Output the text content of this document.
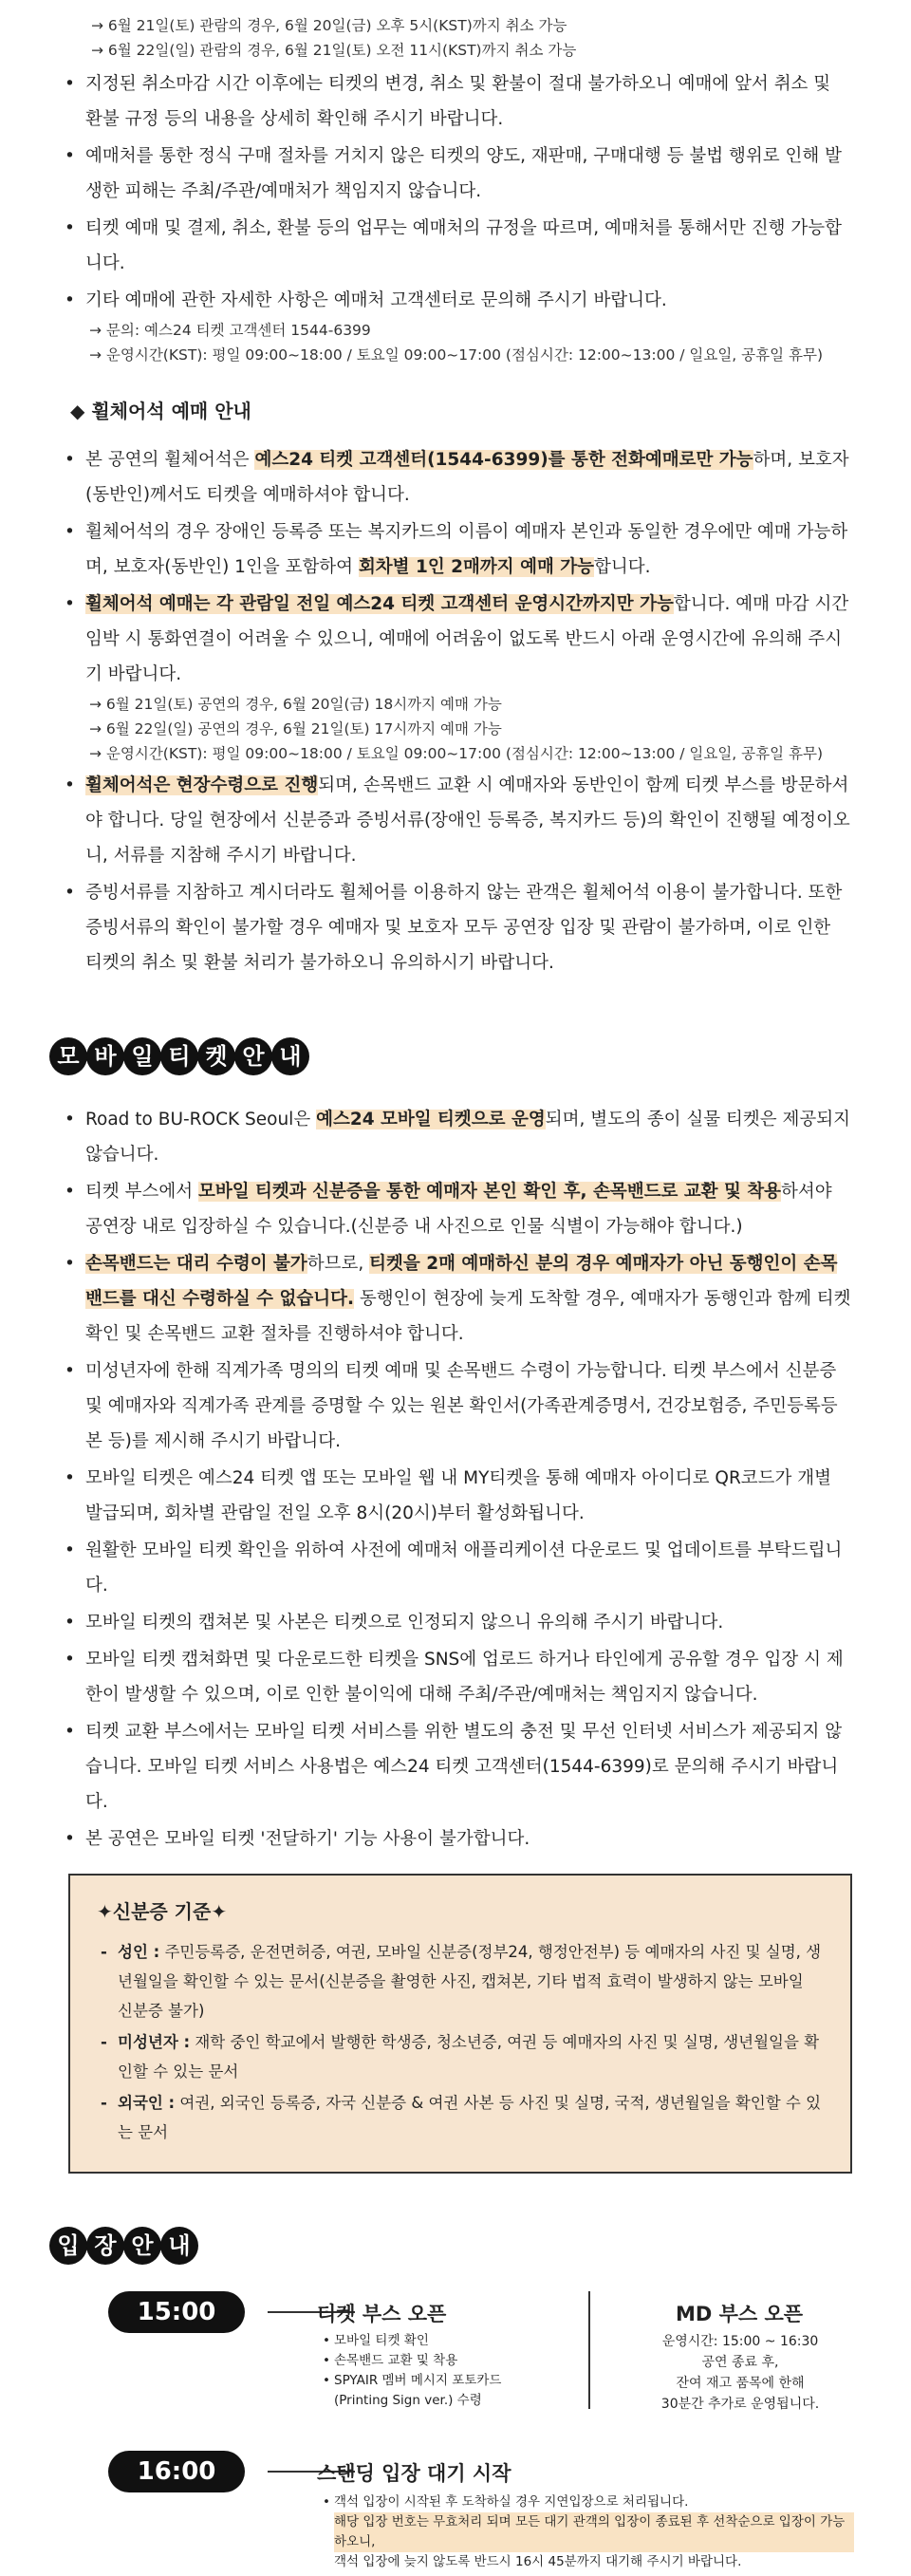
→ 6월 21일(토) 관람의 경우, 6월 20일(금) 오후 5시(KST)까지 취소 가능
→ 6월 22일(일) 관람의 경우, 6월 21일(토) 오전 11시(KST)까지 취소 가능
• 지정된 취소마감 시간 이후에는 티켓의 변경, 취소 및 환불이 절대 불가하오니 예매에 앞서 취소 및 환불 규정 등의 내용을 상세히 확인해 주시기 바랍니다.
• 예매처를 통한 정식 구매 절차를 거치지 않은 티켓의 양도, 재판매, 구매대행 등 불법 행위로 인해 발생한 피해는 주최/주관/예매처가 책임지지 않습니다.
• 티켓 예매 및 결제, 취소, 환불 등의 업무는 예매처의 규정을 따르며, 예매처를 통해서만 진행 가능합니다.
• 기타 예매에 관한 자세한 사항은 예매처 고객센터로 문의해 주시기 바랍니다.
→ 문의: 예스24 티켓 고객센터 1544-6399
→ 운영시간(KST): 평일 09:00~18:00 / 토요일 09:00~17:00 (점심시간: 12:00~13:00 / 일요일, 공휴일 휴무)
◆ 휠체어석 예매 안내
• 본 공연의 휠체어석은 예스24 티켓 고객센터(1544-6399)를 통한 전화예매로만 가능하며, 보호자(동반인)께서도 티켓을 예매하셔야 합니다.
• 휠체어석의 경우 장애인 등록증 또는 복지카드의 이름이 예매자 본인과 동일한 경우에만 예매 가능하며, 보호자(동반인) 1인을 포함하여 회차별 1인 2매까지 예매 가능합니다.
• 휠체어석 예매는 각 관람일 전일 예스24 티켓 고객센터 운영시간까지만 가능합니다. 예매 마감 시간 임박 시 통화연결이 어려울 수 있으니, 예매에 어려움이 없도록 반드시 아래 운영시간에 유의해 주시기 바랍니다.
→ 6월 21일(토) 공연의 경우, 6월 20일(금) 18시까지 예매 가능
→ 6월 22일(일) 공연의 경우, 6월 21일(토) 17시까지 예매 가능
→ 운영시간(KST): 평일 09:00~18:00 / 토요일 09:00~17:00 (점심시간: 12:00~13:00 / 일요일, 공휴일 휴무)
• 휠체어석은 현장수령으로 진행되며, 손목밴드 교환 시 예매자와 동반인이 함께 티켓 부스를 방문하셔야 합니다. 당일 현장에서 신분증과 증빙서류(장애인 등록증, 복지카드 등)의 확인이 진행될 예정이오니, 서류를 지참해 주시기 바랍니다.
• 증빙서류를 지참하고 계시더라도 휠체어를 이용하지 않는 관객은 휠체어석 이용이 불가합니다. 또한 증빙서류의 확인이 불가할 경우 예매자 및 보호자 모두 공연장 입장 및 관람이 불가하며, 이로 인한 티켓의 취소 및 환불 처리가 불가하오니 유의하시기 바랍니다.
모 바 일 티 켓 안 내
• Road to BU-ROCK Seoul은 예스24 모바일 티켓으로 운영되며, 별도의 종이 실물 티켓은 제공되지 않습니다.
• 티켓 부스에서 모바일 티켓과 신분증을 통한 예매자 본인 확인 후, 손목밴드로 교환 및 착용하셔야 공연장 내로 입장하실 수 있습니다.(신분증 내 사진으로 인물 식별이 가능해야 합니다.)
• 손목밴드는 대리 수령이 불가하므로, 티켓을 2매 예매하신 분의 경우 예매자가 아닌 동행인이 손목밴드를 대신 수령하실 수 없습니다. 동행인이 현장에 늦게 도착할 경우, 예매자가 동행인과 함께 티켓확인 및 손목밴드 교환 절차를 진행하셔야 합니다.
• 미성년자에 한해 직계가족 명의의 티켓 예매 및 손목밴드 수령이 가능합니다. 티켓 부스에서 신분증 및 예매자와 직계가족 관계를 증명할 수 있는 원본 확인서(가족관계증명서, 건강보험증, 주민등록등본 등)를 제시해 주시기 바랍니다.
• 모바일 티켓은 예스24 티켓 앱 또는 모바일 웹 내 MY티켓을 통해 예매자 아이디로 QR코드가 개별 발급되며, 회차별 관람일 전일 오후 8시(20시)부터 활성화됩니다.
• 원활한 모바일 티켓 확인을 위하여 사전에 예매처 애플리케이션 다운로드 및 업데이트를 부탁드립니다.
• 모바일 티켓의 캡쳐본 및 사본은 티켓으로 인정되지 않으니 유의해 주시기 바랍니다.
• 모바일 티켓 캡쳐화면 및 다운로드한 티켓을 SNS에 업로드 하거나 타인에게 공유할 경우 입장 시 제한이 발생할 수 있으며, 이로 인한 불이익에 대해 주최/주관/예매처는 책임지지 않습니다.
• 티켓 교환 부스에서는 모바일 티켓 서비스를 위한 별도의 충전 및 무선 인터넷 서비스가 제공되지 않습니다. 모바일 티켓 서비스 사용법은 예스24 티켓 고객센터(1544-6399)로 문의해 주시기 바랍니다.
• 본 공연은 모바일 티켓 '전달하기' 기능 사용이 불가합니다.
✦신분증 기준✦
- 성인 : 주민등록증, 운전면허증, 여권, 모바일 신분증(정부24, 행정안전부) 등 예매자의 사진 및 실명, 생년월일을 확인할 수 있는 문서(신분증을 촬영한 사진, 캡쳐본, 기타 법적 효력이 발생하지 않는 모바일 신분증 불가)
- 미성년자 : 재학 중인 학교에서 발행한 학생증, 청소년증, 여권 등 예매자의 사진 및 실명, 생년월일을 확인할 수 있는 문서
- 외국인 : 여권, 외국인 등록증, 자국 신분증 & 여권 사본 등 사진 및 실명, 국적, 생년월일을 확인할 수 있는 문서
입 장 안 내
15:00	티켓 부스 오픈
• 모바일 티켓 확인
• 손목밴드 교환 및 착용
• SPYAIR 멤버 메시지 포토카드 (Printing Sign ver.) 수령
MD 부스 오픈
운영시간: 15:00 ~ 16:30
공연 종료 후,
잔여 재고 품목에 한해
30분간 추가로 운영됩니다.
16:00	스탠딩 입장 대기 시작
• 객석 입장이 시작된 후 도착하실 경우 지연입장으로 처리됩니다.
해당 입장 번호는 무효처리 되며 모든 대기 관객의 입장이 종료된 후 선착순으로 입장이 가능하오니,
객석 입장에 늦지 않도록 반드시 16시 45분까지 대기해 주시기 바랍니다.
